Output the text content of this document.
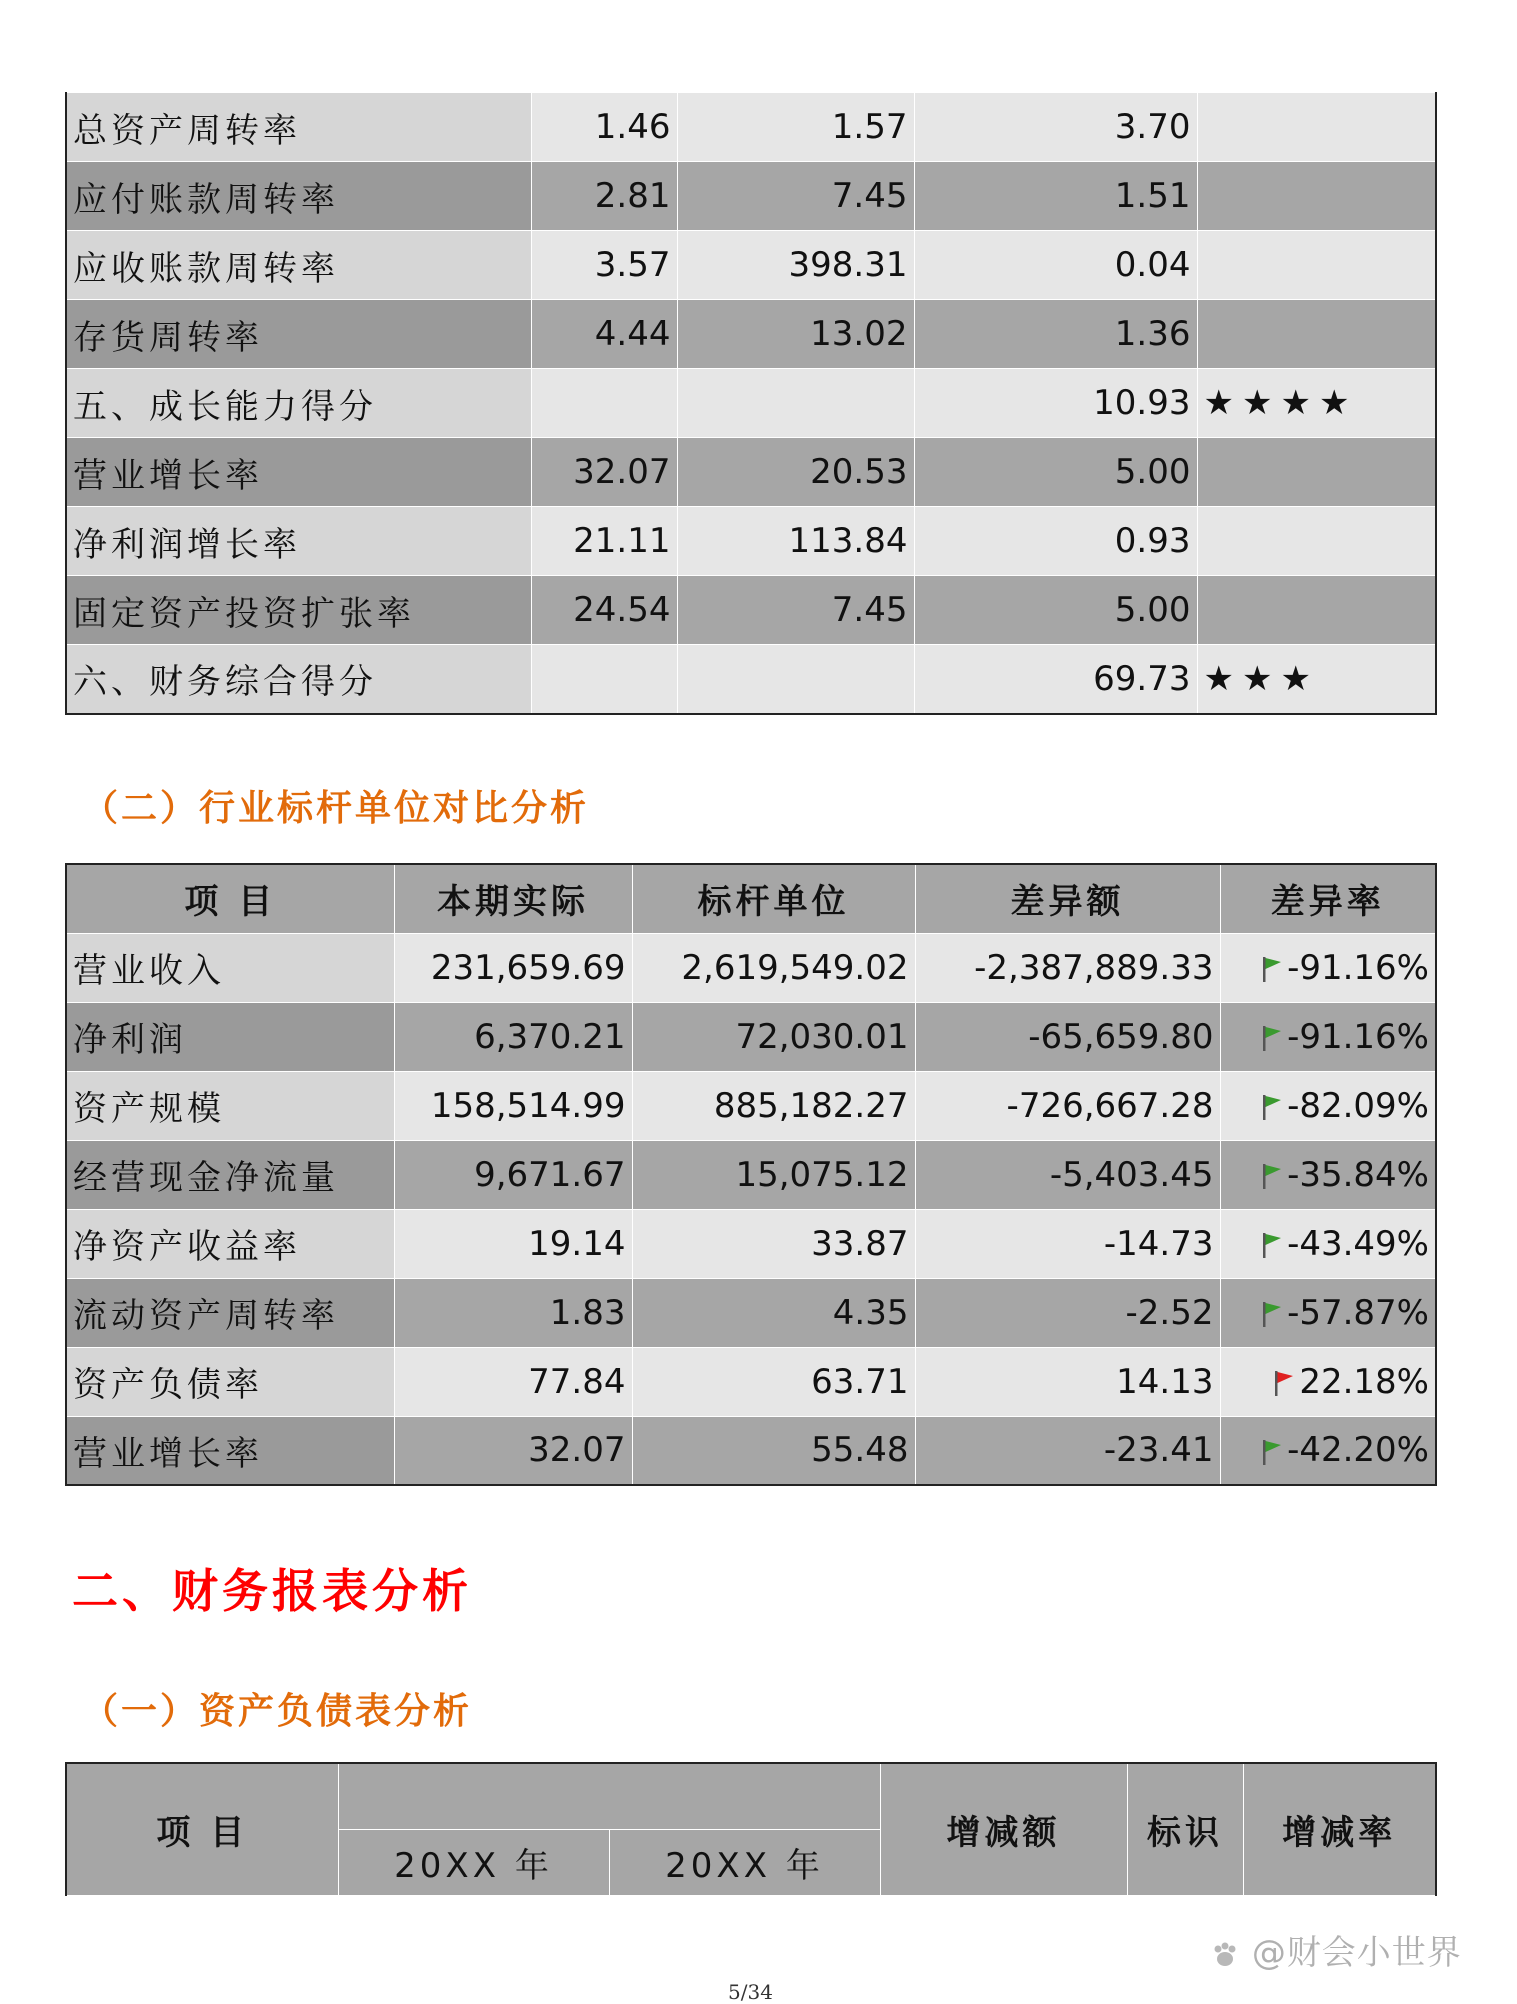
总资产周转率	1.46	1.57	3.70	
应付账款周转率	2.81	7.45	1.51	
应收账款周转率	3.57	398.31	0.04	
存货周转率	4.44	13.02	1.36	
五、成长能力得分			10.93	★★★★
营业增长率	32.07	20.53	5.00	
净利润增长率	21.11	113.84	0.93	
固定资产投资扩张率	24.54	7.45	5.00	
六、财务综合得分			69.73	★★★
（二）行业标杆单位对比分析
项 目	本期实际	标杆单位	差异额	差异率
营业收入	231,659.69	2,619,549.02	-2,387,889.33	-91.16%
净利润	6,370.21	72,030.01	-65,659.80	-91.16%
资产规模	158,514.99	885,182.27	-726,667.28	-82.09%
经营现金净流量	9,671.67	15,075.12	-5,403.45	-35.84%
净资产收益率	19.14	33.87	-14.73	-43.49%
流动资产周转率	1.83	4.35	-2.52	-57.87%
资产负债率	77.84	63.71	14.13	22.18%
营业增长率	32.07	55.48	-23.41	-42.20%
二、财务报表分析
（一）资产负债表分析
项 目			增减额	标识	增减率
	20XX 年	20XX 年			
@财会小世界
5/34
